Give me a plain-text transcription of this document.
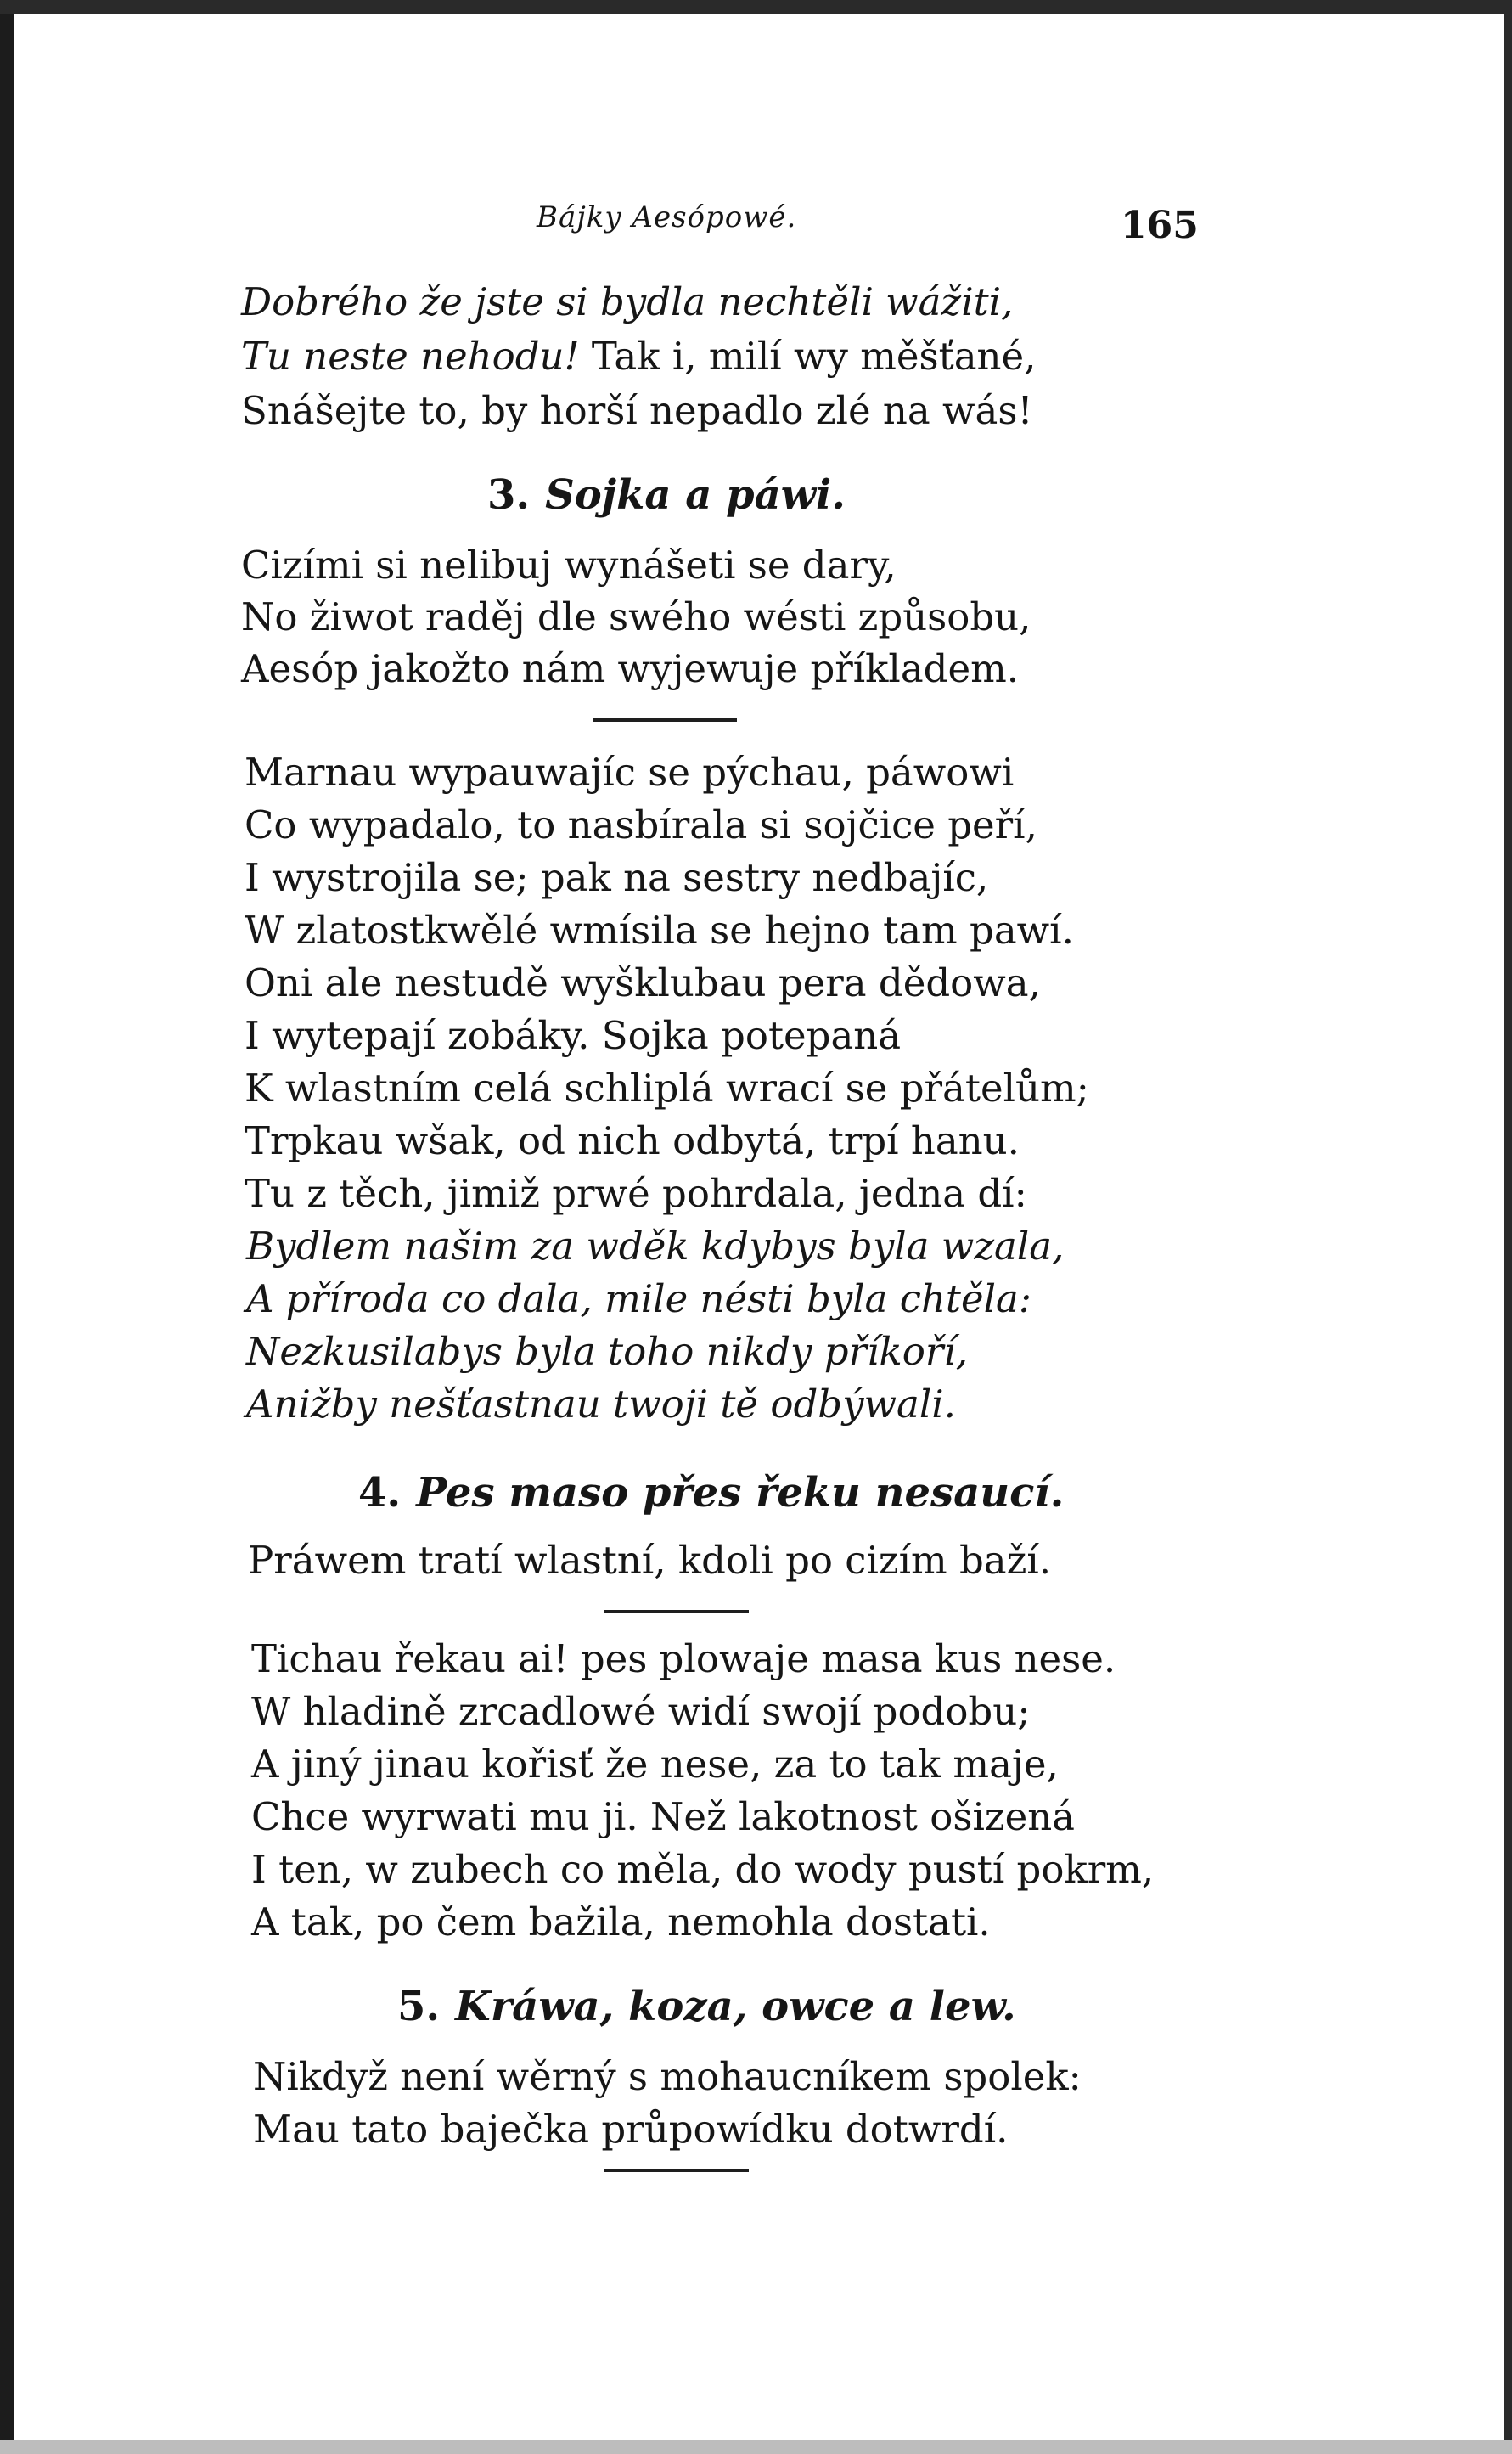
Bájky Aesópowé.	165
Dobrého že jste si bydla nechtěli wážiti,
Tu neste nehodu! Tak i, milí wy měšťané,
Snášejte to, by horší nepadlo zlé na wás!
3. Sojka a páwi.
Cizími si nelibuj wynášeti se dary,
No žiwot raděj dle swého wésti způsobu,
Aesóp jakožto nám wyjewuje příkladem.
Marnau wypauwajíc se pýchau, páwowi
Co wypadalo, to nasbírala si sojčice peří,
I wystrojila se; pak na sestry nedbajíc,
W zlatostkwělé wmísila se hejno tam pawí.
Oni ale nestudě wyšklubau pera dědowa,
I wytepají zobáky. Sojka potepaná
K wlastním celá schliplá wrací se přátelům;
Trpkau wšak, od nich odbytá, trpí hanu.
Tu z těch, jimiž prwé pohrdala, jedna dí:
Bydlem našim za wděk kdybys byla wzala,
A příroda co dala, mile nésti byla chtěla:
Nezkusilabys byla toho nikdy příkoří,
Anižby nešťastnau twoji tě odbýwali.
4. Pes maso přes řeku nesaucí.
Práwem tratí wlastní, kdoli po cizím baží.
Tichau řekau ai! pes plowaje masa kus nese.
W hladině zrcadlowé widí swojí podobu;
A jiný jinau kořisť že nese, za to tak maje,
Chce wyrwati mu ji. Než lakotnost ošizená
I ten, w zubech co měla, do wody pustí pokrm,
A tak, po čem bažila, nemohla dostati.
5. Kráwa, koza, owce a lew.
Nikdyž není wěrný s mohaucníkem spolek:
Mau tato baječka průpowídku dotwrdí.
